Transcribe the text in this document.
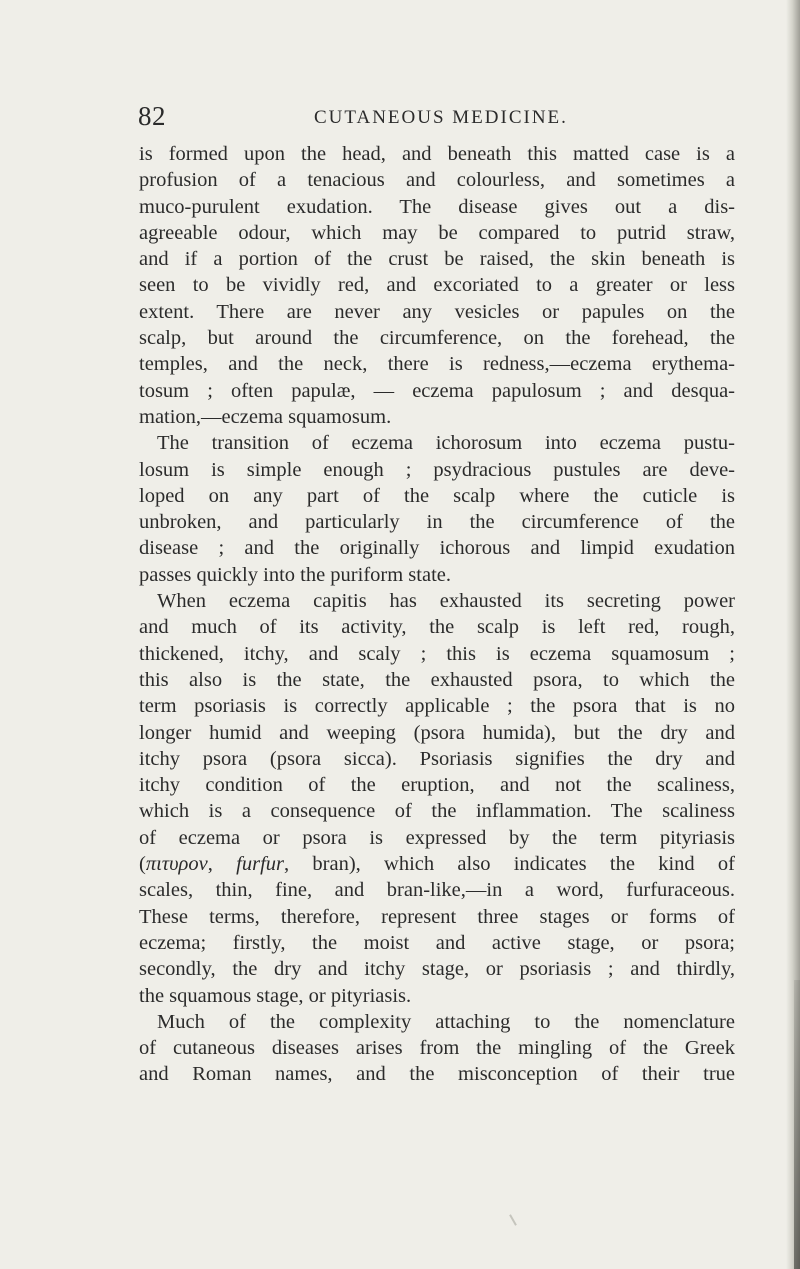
82	CUTANEOUS MEDICINE.
is formed upon the head, and beneath this matted case is a
profusion of a tenacious and colourless, and sometimes a
muco-purulent exudation. The disease gives out a dis-
agreeable odour, which may be compared to putrid straw,
and if a portion of the crust be raised, the skin beneath is
seen to be vividly red, and excoriated to a greater or less
extent. There are never any vesicles or papules on the
scalp, but around the circumference, on the forehead, the
temples, and the neck, there is redness,—eczema erythema-
tosum ; often papulæ, — eczema papulosum ; and desqua-
mation,—eczema squamosum.
The transition of eczema ichorosum into eczema pustu-
losum is simple enough ; psydracious pustules are deve-
loped on any part of the scalp where the cuticle is
unbroken, and particularly in the circumference of the
disease ; and the originally ichorous and limpid exudation
passes quickly into the puriform state.
When eczema capitis has exhausted its secreting power
and much of its activity, the scalp is left red, rough,
thickened, itchy, and scaly ; this is eczema squamosum ;
this also is the state, the exhausted psora, to which the
term psoriasis is correctly applicable ; the psora that is no
longer humid and weeping (psora humida), but the dry and
itchy psora (psora sicca). Psoriasis signifies the dry and
itchy condition of the eruption, and not the scaliness,
which is a consequence of the inflammation. The scaliness
of eczema or psora is expressed by the term pityriasis
(πιτυρον, furfur, bran), which also indicates the kind of
scales, thin, fine, and bran-like,—in a word, furfuraceous.
These terms, therefore, represent three stages or forms of
eczema; firstly, the moist and active stage, or psora;
secondly, the dry and itchy stage, or psoriasis ; and thirdly,
the squamous stage, or pityriasis.
Much of the complexity attaching to the nomenclature
of cutaneous diseases arises from the mingling of the Greek
and Roman names, and the misconception of their true
